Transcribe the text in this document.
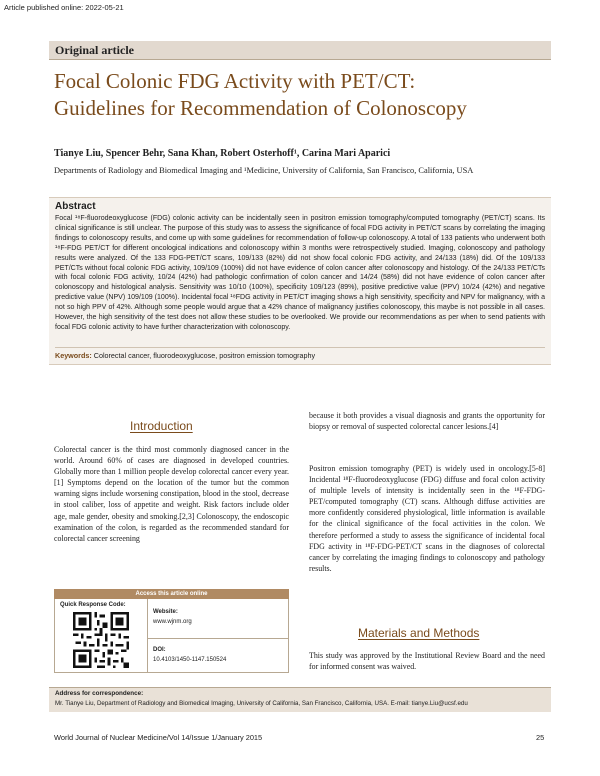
Article published online: 2022-05-21
Original article
Focal Colonic FDG Activity with PET/CT:
Guidelines for Recommendation of Colonoscopy
Tianye Liu, Spencer Behr, Sana Khan, Robert Osterhoff¹, Carina Mari Aparici
Departments of Radiology and Biomedical Imaging and ¹Medicine, University of California, San Francisco, California, USA
Abstract
Focal ¹⁸F-fluorodeoxyglucose (FDG) colonic activity can be incidentally seen in positron emission tomography/computed tomography (PET/CT) scans. Its clinical significance is still unclear. The purpose of this study was to assess the significance of focal FDG activity in PET/CT scans by correlating the imaging findings to colonoscopy results, and come up with some guidelines for recommendation of follow-up colonoscopy. A total of 133 patients who underwent both ¹⁸F-FDG PET/CT for different oncological indications and colonoscopy within 3 months were retrospectively studied. Imaging, colonoscopy and pathology results were analyzed. Of the 133 FDG-PET/CT scans, 109/133 (82%) did not show focal colonic FDG activity, and 24/133 (18%) did. Of the 109/133 PET/CTs without focal colonic FDG activity, 109/109 (100%) did not have evidence of colon cancer after colonoscopy and histology. Of the 24/133 PET/CTs with focal colonic FDG activity, 10/24 (42%) had pathologic confirmation of colon cancer and 14/24 (58%) did not have evidence of colon cancer after colonoscopy and histological analysis. Sensitivity was 10/10 (100%), specificity 109/123 (89%), positive predictive value (PPV) 10/24 (42%) and negative predictive value (NPV) 109/109 (100%). Incidental focal ¹⁸FDG activity in PET/CT imaging shows a high sensitivity, specificity and NPV for malignancy, with a not so high PPV of 42%. Although some people would argue that a 42% chance of malignancy justifies colonoscopy, this maybe is not possible in all cases. However, the high sensitivity of the test does not allow these studies to be overlooked. We provide our recommendations as per when to send patients with focal FDG colonic activity to have further characterization with colonoscopy.
Keywords: Colorectal cancer, fluorodeoxyglucose, positron emission tomography
Introduction
Colorectal cancer is the third most commonly diagnosed cancer in the world. Around 60% of cases are diagnosed in developed countries. Globally more than 1 million people develop colorectal cancer every year.[1] Symptoms depend on the location of the tumor but the common warning signs include worsening constipation, blood in the stool, decrease in stool caliber, loss of appetite and weight. Risk factors include older age, male gender, obesity and smoking.[2,3] Colonoscopy, the endoscopic examination of the colon, is regarded as the recommended standard for colorectal cancer screening
Access this article online
Quick Response Code:
Website:
www.wjnm.org
DOI:
10.4103/1450-1147.150524
because it both provides a visual diagnosis and grants the opportunity for biopsy or removal of suspected colorectal cancer lesions.[4]
Positron emission tomography (PET) is widely used in oncology.[5-8] Incidental ¹⁸F-fluorodeoxyglucose (FDG) diffuse and focal colon activity of multiple levels of intensity is incidentally seen in the ¹⁸F-FDG-PET/computed tomography (CT) scans. Although diffuse activities are more confidently considered physiological, little information is available for the clinical significance of the focal activities in the colon. We therefore performed a study to assess the significance of incidental focal FDG activity in ¹⁸F-FDG-PET/CT scans in the diagnoses of colorectal cancer by correlating the imaging findings to colonoscopy and pathology results.
Materials and Methods
This study was approved by the Institutional Review Board and the need for informed consent was waived.
Address for correspondence:
Mr. Tianye Liu, Department of Radiology and Biomedical Imaging, University of California, San Francisco, California, USA. E-mail: tianye.Liu@ucsf.edu
World Journal of Nuclear Medicine/Vol 14/Issue 1/January 2015	25
